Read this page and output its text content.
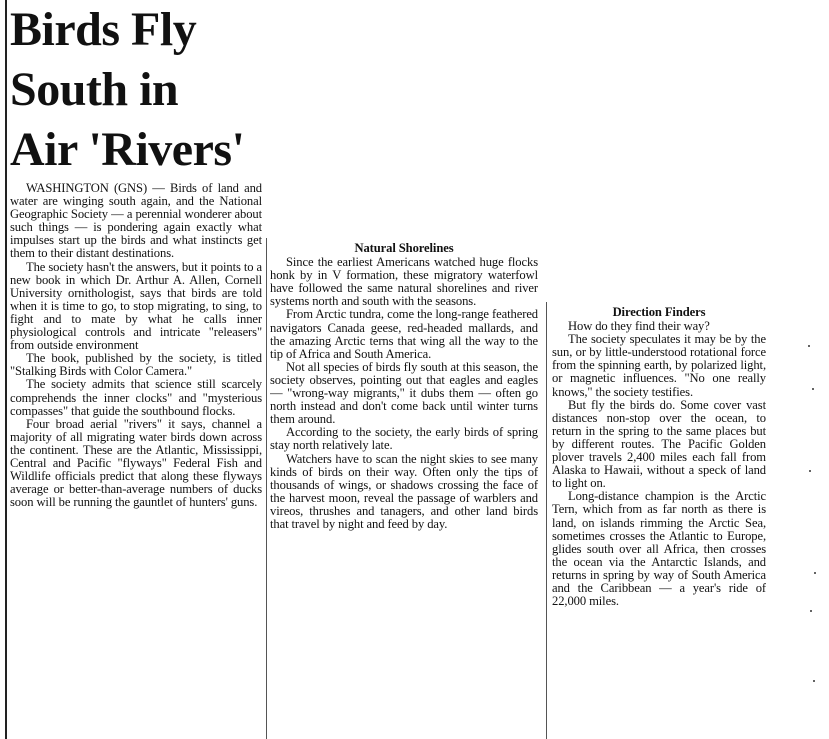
Birds Fly
South in
Air 'Rivers'

WASHINGTON (GNS) — Birds of land and water are winging south again, and the National Geographic Society — a perennial wonderer about such things — is pondering again exactly what impulses start up the birds and what instincts get them to their distant destinations.

The society hasn't the answers, but it points to a new book in which Dr. Arthur A. Allen, Cornell University ornithologist, says that birds are told when it is time to go, to stop migrating, to sing, to fight and to mate by what he calls inner physiological controls and intricate "releasers" from outside environment

The book, published by the society, is titled "Stalking Birds with Color Camera."

The society admits that science still scarcely comprehends the inner clocks" and "mysterious compasses" that guide the southbound flocks.

Four broad aerial "rivers" it says, channel a majority of all migrating water birds down across the continent. These are the Atlantic, Mississippi, Central and Pacific "flyways" Federal Fish and Wildlife officials predict that along these flyways average or better-than-average numbers of ducks soon will be running the gauntlet of hunters' guns.

Natural Shorelines

Since the earliest Americans watched huge flocks honk by in V formation, these migratory waterfowl have followed the same natural shorelines and river systems north and south with the seasons.

From Arctic tundra, come the long-range feathered navigators Canada geese, red-headed mallards, and the amazing Arctic terns that wing all the way to the tip of Africa and South America.

Not all species of birds fly south at this season, the society observes, pointing out that eagles and eagles — "wrong-way migrants," it dubs them — often go north instead and don't come back until winter turns them around.

According to the society, the early birds of spring stay north relatively late.

Watchers have to scan the night skies to see many kinds of birds on their way. Often only the tips of thousands of wings, or shadows crossing the face of the harvest moon, reveal the passage of warblers and vireos, thrushes and tanagers, and other land birds that travel by night and feed by day.

Direction Finders

How do they find their way?

The society speculates it may be by the sun, or by little-understood rotational force from the spinning earth, by polarized light, or magnetic influences. "No one really knows," the society testifies.

But fly the birds do. Some cover vast distances non-stop over the ocean, to return in the spring to the same places but by different routes. The Pacific Golden plover travels 2,400 miles each fall from Alaska to Hawaii, without a speck of land to light on.

Long-distance champion is the Arctic Tern, which from as far north as there is land, on islands rimming the Arctic Sea, sometimes crosses the Atlantic to Europe, glides south over all Africa, then crosses the ocean via the Antarctic Islands, and returns in spring by way of South America and the Caribbean — a year's ride of 22,000 miles.
